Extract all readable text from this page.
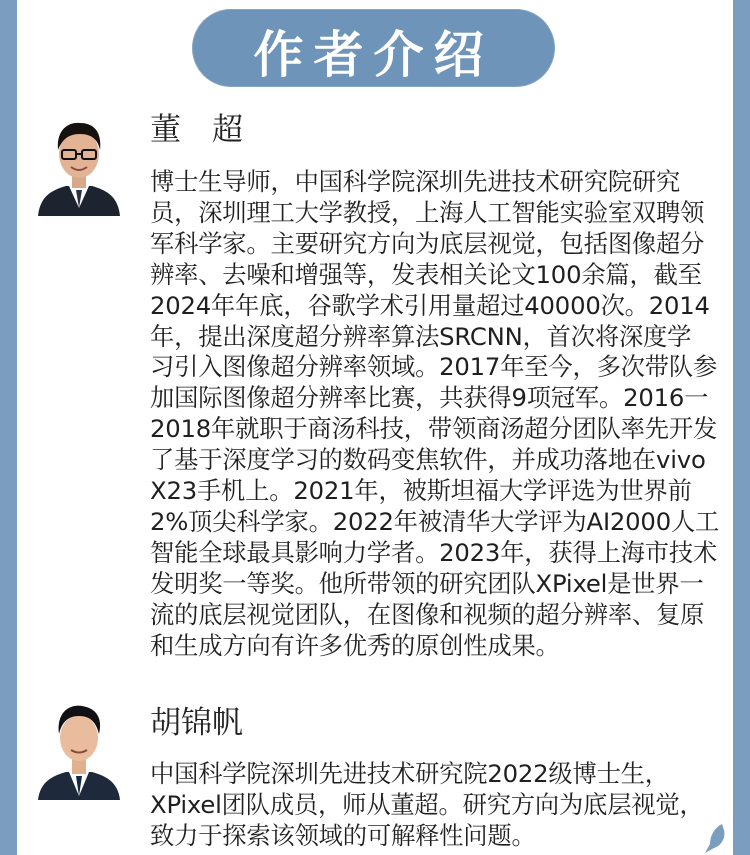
作者介绍
董　超
博士生导师，中国科学院深圳先进技术研究院研究
员，深圳理工大学教授，上海人工智能实验室双聘领
军科学家。主要研究方向为底层视觉，包括图像超分
辨率、去噪和增强等，发表相关论文100余篇，截至
2024年年底，谷歌学术引用量超过40000次。2014
年，提出深度超分辨率算法SRCNN，首次将深度学
习引入图像超分辨率领域。2017年至今，多次带队参
加国际图像超分辨率比赛，共获得9项冠军。2016一
2018年就职于商汤科技，带领商汤超分团队率先开发
了基于深度学习的数码变焦软件，并成功落地在vivo
X23手机上。2021年，被斯坦福大学评选为世界前
2%顶尖科学家。2022年被清华大学评为AI2000人工
智能全球最具影响力学者。2023年，获得上海市技术
发明奖一等奖。他所带领的研究团队XPixel是世界一
流的底层视觉团队，在图像和视频的超分辨率、复原
和生成方向有许多优秀的原创性成果。
胡锦帆
中国科学院深圳先进技术研究院2022级博士生，
XPixel团队成员，师从董超。研究方向为底层视觉，
致力于探索该领域的可解释性问题。
